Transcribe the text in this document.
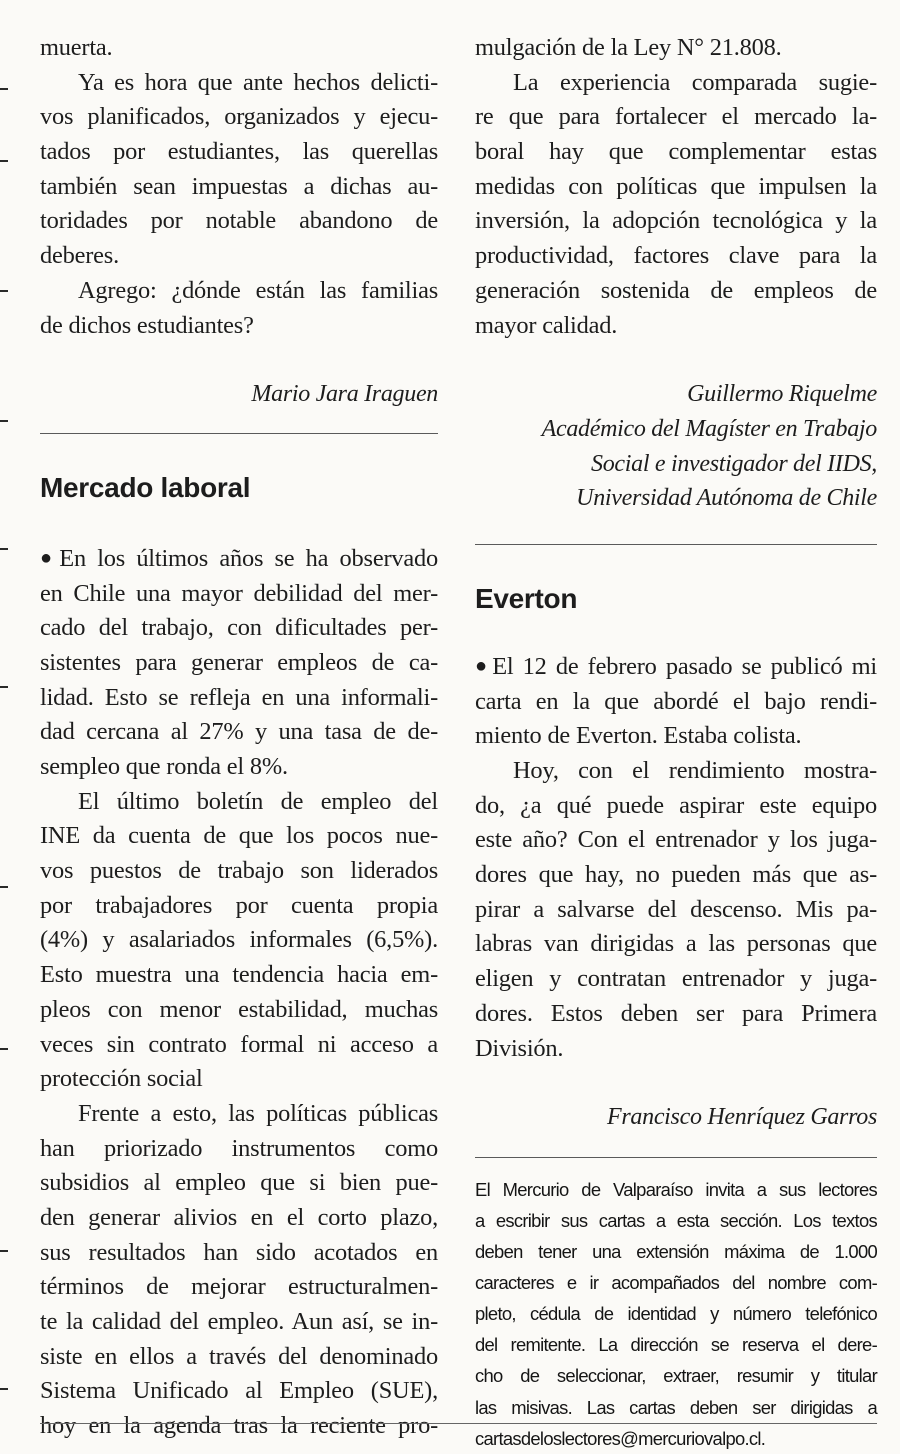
muerta.
Ya es hora que ante hechos delicti-
vos planificados, organizados y ejecu-
tados por estudiantes, las querellas
también sean impuestas a dichas au-
toridades por notable abandono de
deberes.
Agrego: ¿dónde están las familias
de dichos estudiantes?
Mario Jara Iraguen
Mercado laboral
●En los últimos años se ha observado
en Chile una mayor debilidad del mer-
cado del trabajo, con dificultades per-
sistentes para generar empleos de ca-
lidad. Esto se refleja en una informali-
dad cercana al 27% y una tasa de de-
sempleo que ronda el 8%.
El último boletín de empleo del
INE da cuenta de que los pocos nue-
vos puestos de trabajo son liderados
por trabajadores por cuenta propia
(4%) y asalariados informales (6,5%).
Esto muestra una tendencia hacia em-
pleos con menor estabilidad, muchas
veces sin contrato formal ni acceso a
protección social
Frente a esto, las políticas públicas
han priorizado instrumentos como
subsidios al empleo que si bien pue-
den generar alivios en el corto plazo,
sus resultados han sido acotados en
términos de mejorar estructuralmen-
te la calidad del empleo. Aun así, se in-
siste en ellos a través del denominado
Sistema Unificado al Empleo (SUE),
hoy en la agenda tras la reciente pro-
mulgación de la Ley N° 21.808.
La experiencia comparada sugie-
re que para fortalecer el mercado la-
boral hay que complementar estas
medidas con políticas que impulsen la
inversión, la adopción tecnológica y la
productividad, factores clave para la
generación sostenida de empleos de
mayor calidad.
Guillermo Riquelme
Académico del Magíster en Trabajo
Social e investigador del IIDS,
Universidad Autónoma de Chile
Everton
●El 12 de febrero pasado se publicó mi
carta en la que abordé el bajo rendi-
miento de Everton. Estaba colista.
Hoy, con el rendimiento mostra-
do, ¿a qué puede aspirar este equipo
este año? Con el entrenador y los juga-
dores que hay, no pueden más que as-
pirar a salvarse del descenso. Mis pa-
labras van dirigidas a las personas que
eligen y contratan entrenador y juga-
dores. Estos deben ser para Primera
División.
Francisco Henríquez Garros
El Mercurio de Valparaíso invita a sus lectores
a escribir sus cartas a esta sección. Los textos
deben tener una extensión máxima de 1.000
caracteres e ir acompañados del nombre com-
pleto, cédula de identidad y número telefónico
del remitente. La dirección se reserva el dere-
cho de seleccionar, extraer, resumir y titular
las misivas. Las cartas deben ser dirigidas a
cartasdeloslectores@mercuriovalpo.cl.
